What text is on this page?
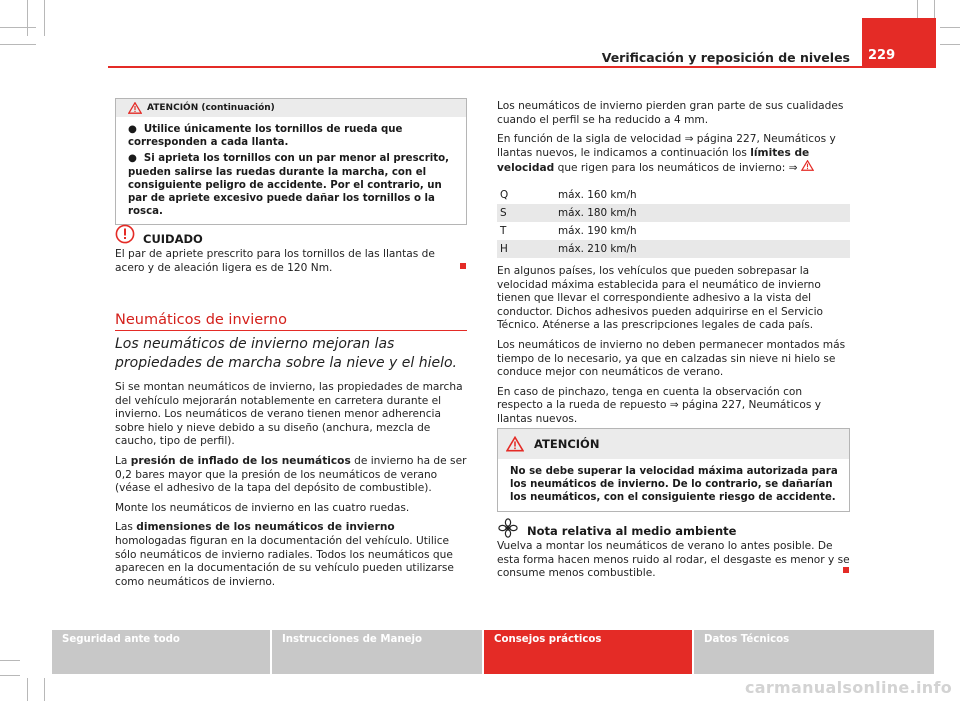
Verificación y reposición de niveles 229
ATENCIÓN (continuación)

● Utilice únicamente los tornillos de rueda que corresponden a cada llanta.

● Si aprieta los tornillos con un par menor al prescrito, pueden salirse las ruedas durante la marcha, con el consiguiente peligro de accidente. Por el contrario, un par de apriete excesivo puede dañar los tornillos o la rosca.

CUIDADO

El par de apriete prescrito para los tornillos de las llantas de acero y de aleación ligera es de 120 Nm.

Neumáticos de invierno
Los neumáticos de invierno mejoran las propiedades de marcha sobre la nieve y el hielo.

Si se montan neumáticos de invierno, las propiedades de marcha del vehículo mejorarán notablemente en carretera durante el invierno. Los neumáticos de verano tienen menor adherencia sobre hielo y nieve debido a su diseño (anchura, mezcla de caucho, tipo de perfil).

La presión de inflado de los neumáticos de invierno ha de ser 0,2 bares mayor que la presión de los neumáticos de verano (véase el adhesivo de la tapa del depósito de combustible).

Monte los neumáticos de invierno en las cuatro ruedas.

Las dimensiones de los neumáticos de invierno homologadas figuran en la documentación del vehículo. Utilice sólo neumáticos de invierno radiales. Todos los neumáticos que aparecen en la documentación de su vehículo pueden utilizarse como neumáticos de invierno.

Los neumáticos de invierno pierden gran parte de sus cualidades cuando el perfil se ha reducido a 4 mm.

En función de la sigla de velocidad ⇒ página 227, Neumáticos y llantas nuevos, le indicamos a continuación los límites de velocidad que rigen para los neumáticos de invierno: ⇒

Q	máx. 160 km/h
S	máx. 180 km/h
T	máx. 190 km/h
H	máx. 210 km/h

En algunos países, los vehículos que pueden sobrepasar la velocidad máxima establecida para el neumático de invierno tienen que llevar el correspondiente adhesivo a la vista del conductor. Dichos adhesivos pueden adquirirse en el Servicio Técnico. Aténerse a las prescripciones legales de cada país.

Los neumáticos de invierno no deben permanecer montados más tiempo de lo necesario, ya que en calzadas sin nieve ni hielo se conduce mejor con neumáticos de verano.

En caso de pinchazo, tenga en cuenta la observación con respecto a la rueda de repuesto ⇒ página 227, Neumáticos y llantas nuevos.

ATENCIÓN
No se debe superar la velocidad máxima autorizada para los neumáticos de invierno. De lo contrario, se dañarían los neumáticos, con el consiguiente riesgo de accidente.
Nota relativa al medio ambiente

Vuelva a montar los neumáticos de verano lo antes posible. De esta forma hacen menos ruido al rodar, el desgaste es menor y se consume menos combustible.

Seguridad ante todo	Instrucciones de Manejo	Consejos prácticos	Datos Técnicos
carmanualsonline.info
